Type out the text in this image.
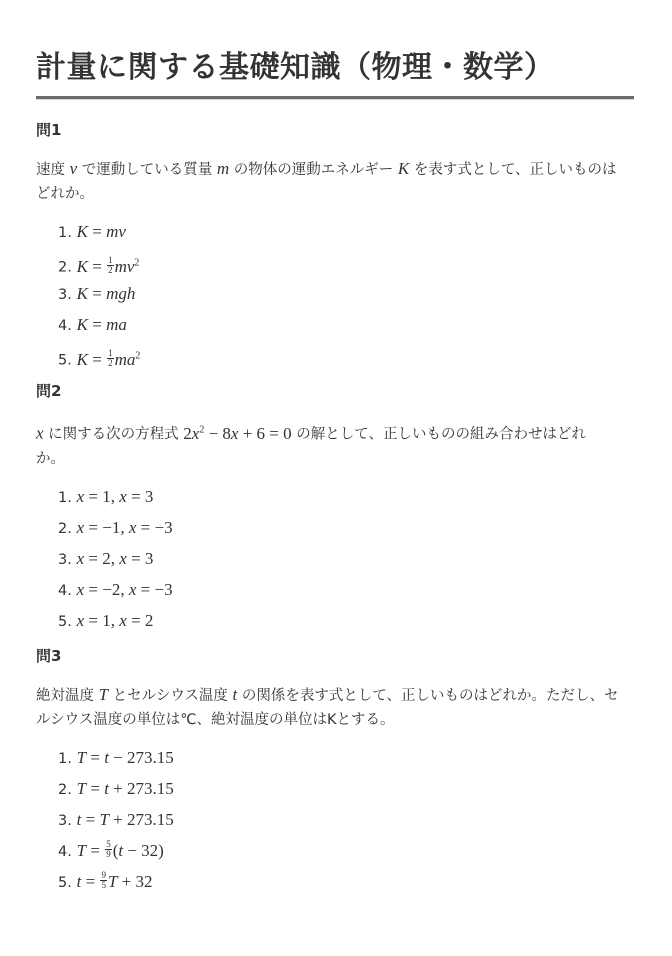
計量に関する基礎知識（物理・数学）
問1

速度 v で運動している質量 m の物体の運動エネルギー K を表す式として、正しいものは
どれか。

1. K = mv
2. $K = \frac{1}{2} mv^2$
3. K = mgh
4. K = ma
5. $K = \frac{1}{2} ma^2$
問2

x に関する次の方程式 $2x^2 - 8x + 6 = 0$ の解として、正しいものの組み合わせはどれ
か。

1. x = 1, x = 3
2. x = −1, x = −3
3. x = 2, x = 3
4. x = −2, x = −3
5. x = 1, x = 2
問3

絶対温度 T とセルシウス温度 t の関係を表す式として、正しいものはどれか。ただし、セ
ルシウス温度の単位は℃、絶対温度の単位はKとする。

1. T = t − 273.15
2. T = t + 273.15
3. t = T + 273.15
4. $T = \frac{5}{9} (t - 32)$
5. $t = \frac{9}{5}$ T + 32
